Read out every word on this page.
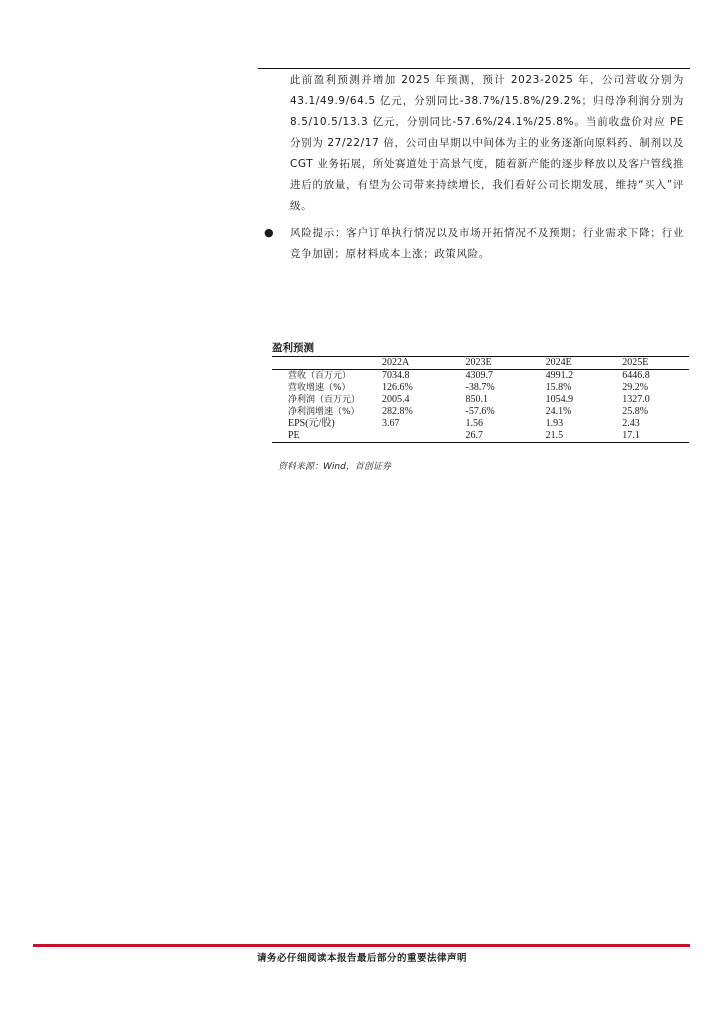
此前盈利预测并增加 2025 年预测，预计 2023-2025 年，公司营收分别为 43.1/49.9/64.5 亿元，分别同比-38.7%/15.8%/29.2%；归母净利润分别为 8.5/10.5/13.3 亿元，分别同比-57.6%/24.1%/25.8%。当前收盘价对应 PE 分别为 27/22/17 倍，公司由早期以中间体为主的业务逐渐向原料药、制剂以及 CGT 业务拓展，所处赛道处于高景气度，随着新产能的逐步释放以及客户管线推进后的放量，有望为公司带来持续增长，我们看好公司长期发展，维持“买入”评级。

● 风险提示：客户订单执行情况以及市场开拓情况不及预期；行业需求下降；行业竞争加剧；原材料成本上涨；政策风险。

盈利预测
	2022A	2023E	2024E	2025E
营收（百万元）	7034.8	4309.7	4991.2	6446.8
营收增速（%）	126.6%	-38.7%	15.8%	29.2%
净利润（百万元）	2005.4	850.1	1054.9	1327.0
净利润增速（%）	282.8%	-57.6%	24.1%	25.8%
EPS(元/股)	3.67	1.56	1.93	2.43
PE		26.7	21.5	17.1
资料来源：Wind，首创证券
请务必仔细阅读本报告最后部分的重要法律声明
